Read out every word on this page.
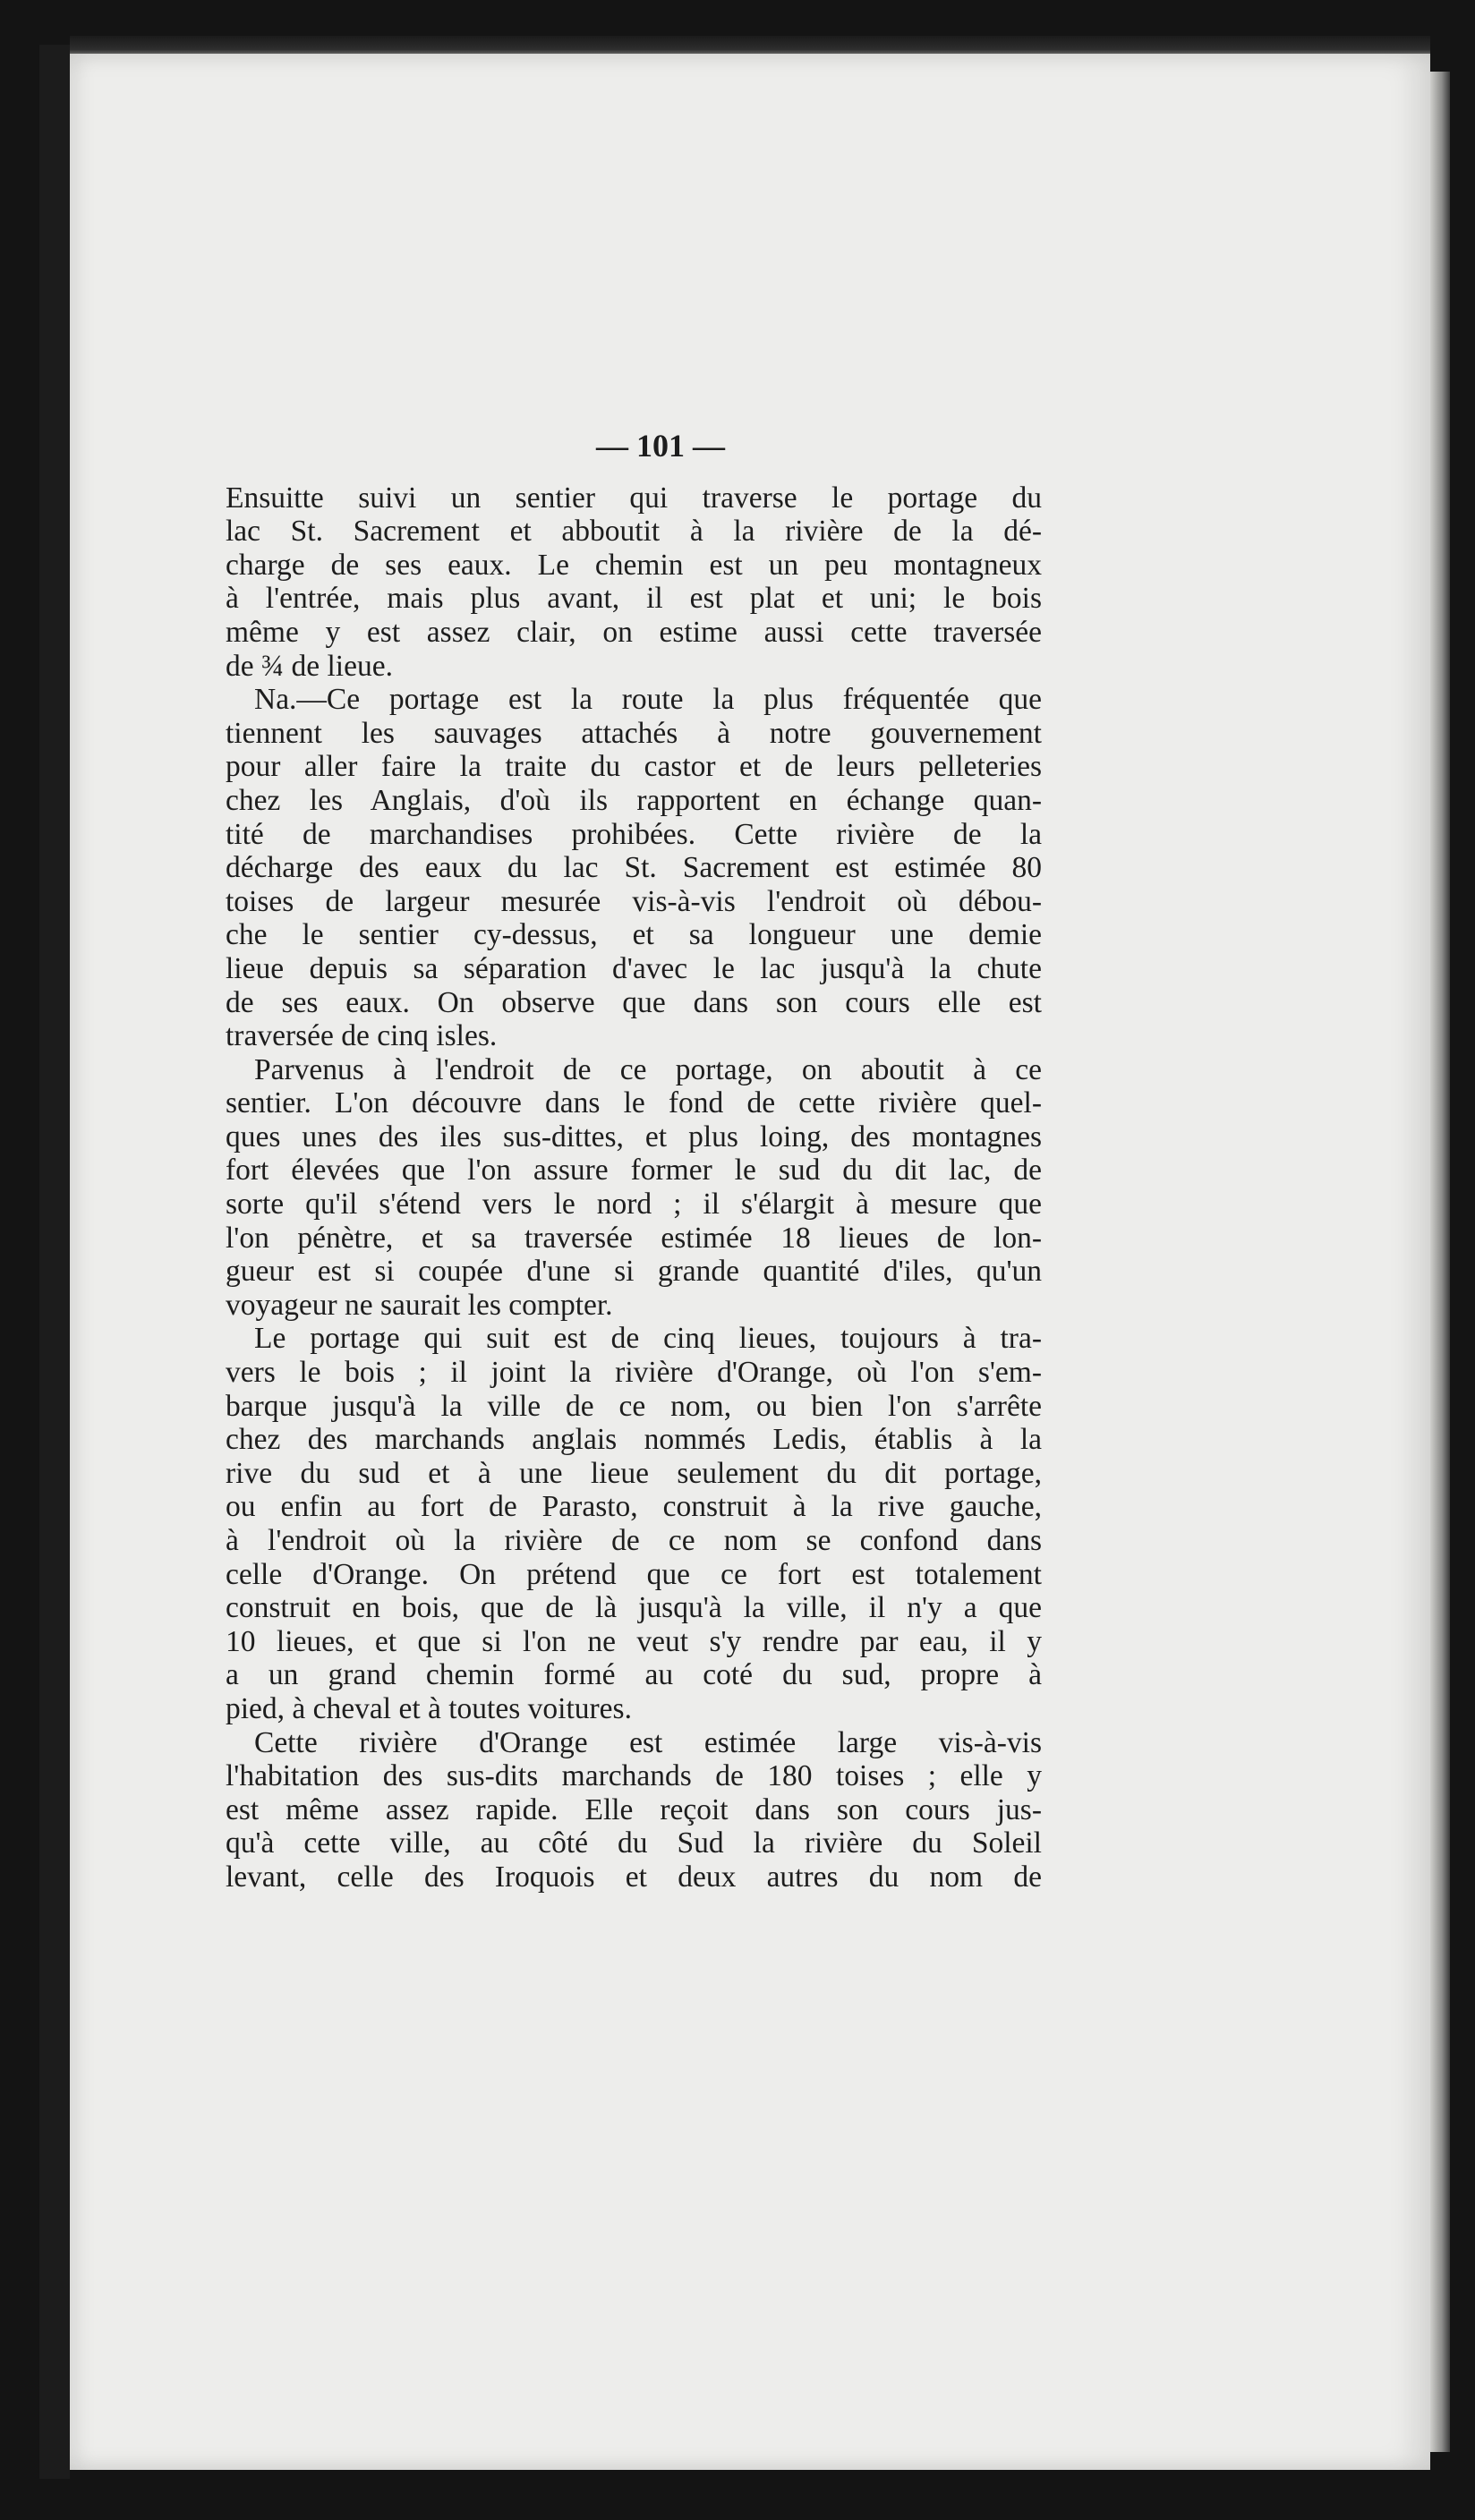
— 101 —
Ensuitte suivi un sentier qui traverse le portage du
lac St. Sacrement et abboutit à la rivière de la dé-
charge de ses eaux. Le chemin est un peu montagneux
à l'entrée, mais plus avant, il est plat et uni; le bois
même y est assez clair, on estime aussi cette traversée
de ¾ de lieue.
Na.—Ce portage est la route la plus fréquentée que
tiennent les sauvages attachés à notre gouvernement
pour aller faire la traite du castor et de leurs pelleteries
chez les Anglais, d'où ils rapportent en échange quan-
tité de marchandises prohibées. Cette rivière de la
décharge des eaux du lac St. Sacrement est estimée 80
toises de largeur mesurée vis-à-vis l'endroit où débou-
che le sentier cy-dessus, et sa longueur une demie
lieue depuis sa séparation d'avec le lac jusqu'à la chute
de ses eaux. On observe que dans son cours elle est
traversée de cinq isles.
Parvenus à l'endroit de ce portage, on aboutit à ce
sentier. L'on découvre dans le fond de cette rivière quel-
ques unes des iles sus-dittes, et plus loing, des montagnes
fort élevées que l'on assure former le sud du dit lac, de
sorte qu'il s'étend vers le nord ; il s'élargit à mesure que
l'on pénètre, et sa traversée estimée 18 lieues de lon-
gueur est si coupée d'une si grande quantité d'iles, qu'un
voyageur ne saurait les compter.
Le portage qui suit est de cinq lieues, toujours à tra-
vers le bois ; il joint la rivière d'Orange, où l'on s'em-
barque jusqu'à la ville de ce nom, ou bien l'on s'arrête
chez des marchands anglais nommés Ledis, établis à la
rive du sud et à une lieue seulement du dit portage,
ou enfin au fort de Parasto, construit à la rive gauche,
à l'endroit où la rivière de ce nom se confond dans
celle d'Orange. On prétend que ce fort est totalement
construit en bois, que de là jusqu'à la ville, il n'y a que
10 lieues, et que si l'on ne veut s'y rendre par eau, il y
a un grand chemin formé au coté du sud, propre à
pied, à cheval et à toutes voitures.
Cette rivière d'Orange est estimée large vis-à-vis
l'habitation des sus-dits marchands de 180 toises ; elle y
est même assez rapide. Elle reçoit dans son cours jus-
qu'à cette ville, au côté du Sud la rivière du Soleil
levant, celle des Iroquois et deux autres du nom de
